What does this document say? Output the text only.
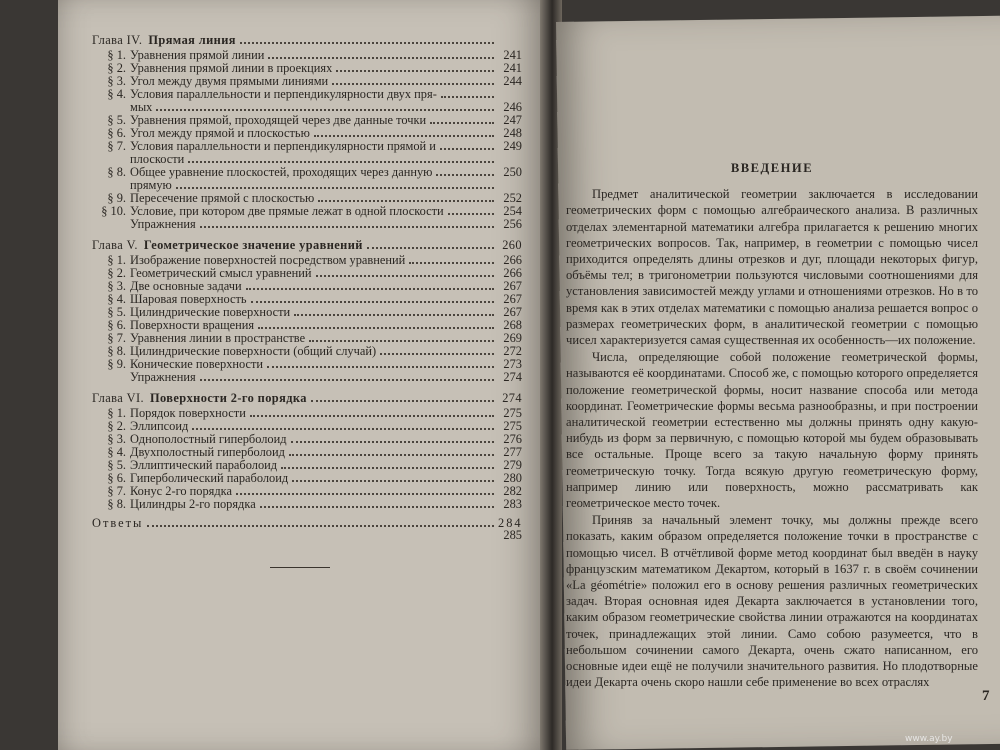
Глава IV. Прямая линия
§ 1. Уравнения прямой линии	241
§ 2. Уравнения прямой линии в проекциях	241
§ 3. Угол между двумя прямыми линиями	244
§ 4. Условия параллельности и перпендикулярности двух пря-
мых	246
§ 5. Уравнения прямой, проходящей через две данные точки	247
§ 6. Угол между прямой и плоскостью	248
§ 7. Условия параллельности и перпендикулярности прямой и	249
плоскости
§ 8. Общее уравнение плоскостей, проходящих через данную	250
прямую
§ 9. Пересечение прямой с плоскостью	252
§ 10. Условие, при котором две прямые лежат в одной плоскости	254
Упражнения	256
Глава V. Геометрическое значение уравнений	260
§ 1. Изображение поверхностей посредством уравнений	266
§ 2. Геометрический смысл уравнений	266
§ 3. Две основные задачи	267
§ 4. Шаровая поверхность	267
§ 5. Цилиндрические поверхности	267
§ 6. Поверхности вращения	268
§ 7. Уравнения линии в пространстве	269
§ 8. Цилиндрические поверхности (общий случай)	272
§ 9. Конические поверхности	273
Упражнения	274
Глава VI. Поверхности 2-го порядка	274
§ 1. Порядок поверхности	275
§ 2. Эллипсоид	275
§ 3. Однополостный гиперболоид	276
§ 4. Двухполостный гиперболоид	277
§ 5. Эллиптический параболоид	279
§ 6. Гиперболический параболоид	280
§ 7. Конус 2-го порядка	282
§ 8. Цилиндры 2-го порядка	283
Ответы	284
285
ВВЕДЕНИЕ

Предмет аналитической геометрии заключается в исследовании геометрических форм с помощью алгебраического анализа. В различных отделах элементарной математики алгебра прилагается к решению многих геометрических вопросов. Так, например, в геометрии с помощью чисел приходится определять длины отрезков и дуг, площади некоторых фигур, объёмы тел; в тригонометрии пользуются числовыми соотношениями для установления зависимостей между углами и отношениями отрезков. Но в то время как в этих отделах математики с помощью анализа решается вопрос о размерах геометрических форм, в аналитической геометрии с помощью чисел характеризуется самая существенная их особенность—их положение.

Числа, определяющие собой положение геометрической формы, называются её координатами. Способ же, с помощью которого определяется положение геометрической формы, носит название способа или метода координат. Геометрические формы весьма разнообразны, и при построении аналитической геометрии естественно мы должны принять одну какую-нибудь из форм за первичную, с помощью которой мы будем образовывать все остальные. Проще всего за такую начальную форму принять геометрическую точку. Тогда всякую другую геометрическую форму, например линию или поверхность, можно рассматривать как геометрическое место точек.

Приняв за начальный элемент точку, мы должны прежде всего показать, каким образом определяется положение точки в пространстве с помощью чисел. В отчётливой форме метод координат был введён в науку французским математиком Декартом, который в 1637 г. в своём сочинении «La géométrie» положил его в основу решения различных геометрических задач. Вторая основная идея Декарта заключается в установлении того, каким образом геометрические свойства линии отражаются на координатах точек, принадлежащих этой линии. Само собою разумеется, что в небольшом сочинении самого Декарта, очень сжато написанном, его основные идеи ещё не получили значительного развития. Но плодотворные идеи Декарта очень скоро нашли себе применение во всех отраслях

7
www.ay.by
